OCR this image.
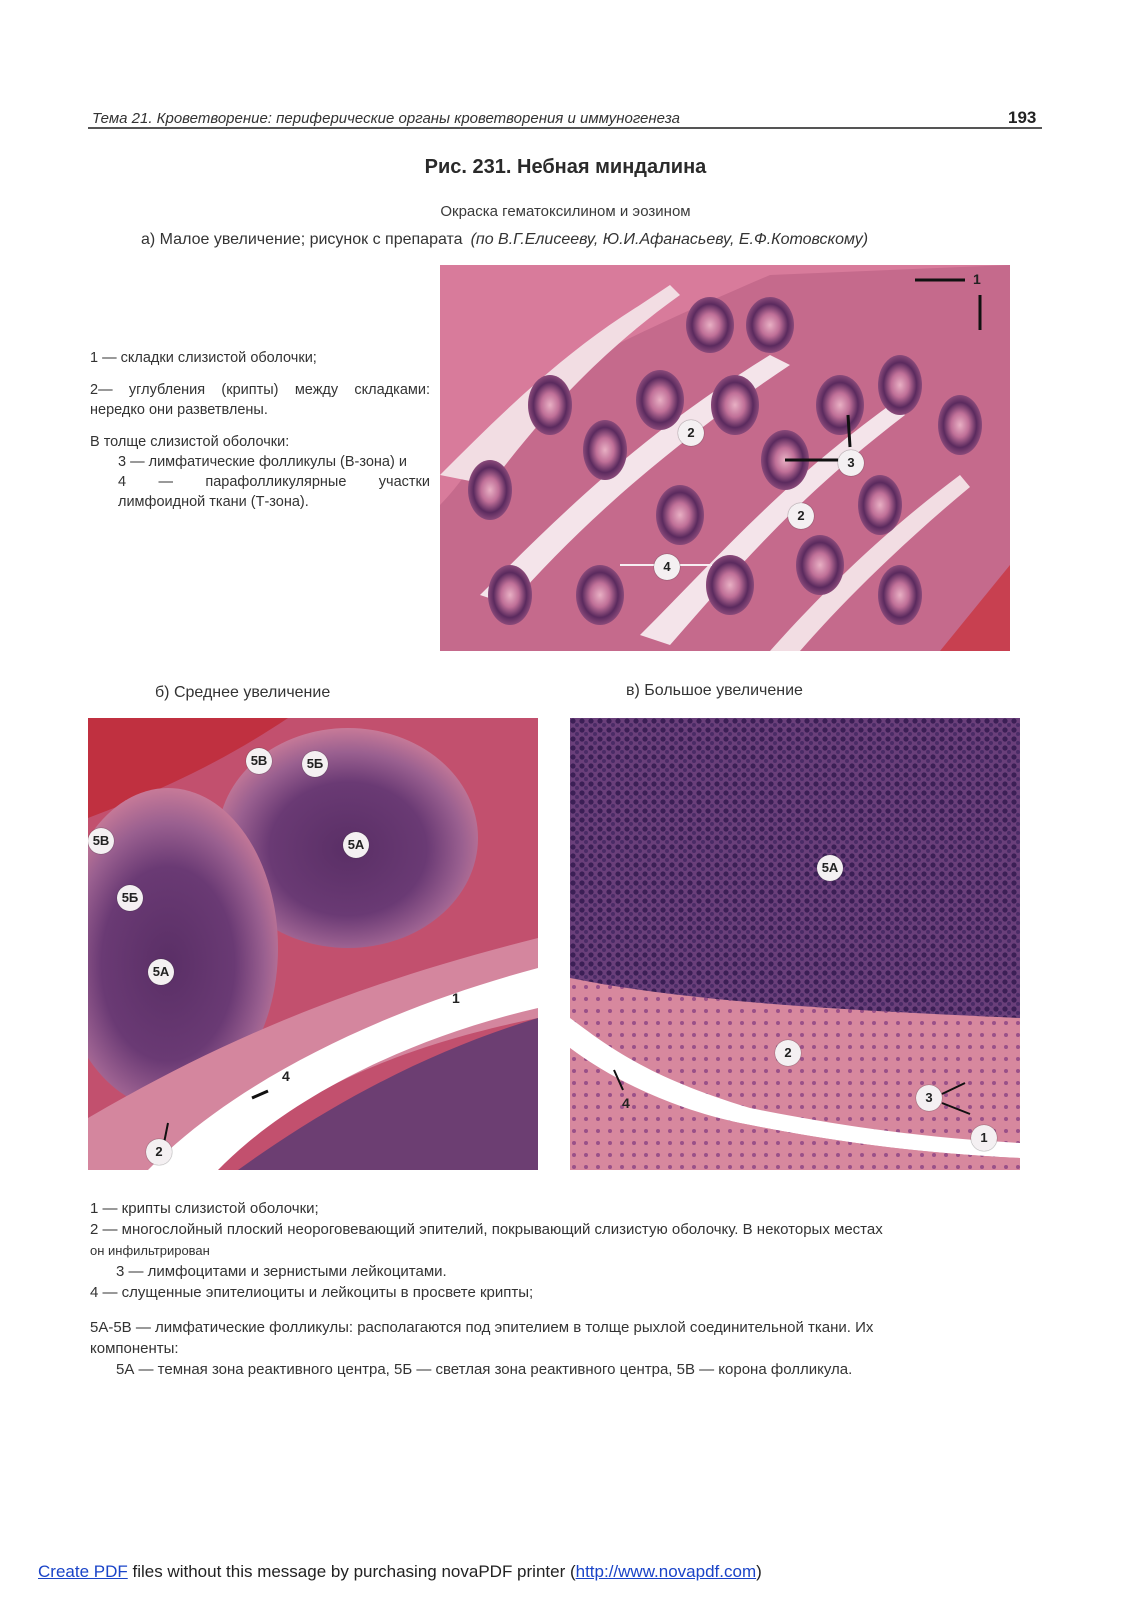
Тема 21. Кроветворение: периферические органы кроветворения и иммуногенеза	193
Рис. 231. Небная миндалина
Окраска гематоксилином и эозином
а) Малое увеличение; рисунок с препарата (по В.Г.Елисееву, Ю.И.Афанасьеву, Е.Ф.Котовскому)

1 — складки слизистой оболочки;

2— углубления (крипты) между складками: нередко они разветвлены.

В толще слизистой оболочки:

3 — лимфатические фолликулы (В-зона) и

4 — парафолликулярные участки лимфоидной ткани (Т-зона).

1
2
2
3
4
б) Среднее увеличение	в) Большое увеличение
5В	5Б
5В	5А
5Б
5А
1
4
2
5А
2
3
4
1

1 — крипты слизистой оболочки;

2 — многослойный плоский неороговевающий эпителий, покрывающий слизистую оболочку. В некоторых местах

он инфильтрирован

3 — лимфоцитами и зернистыми лейкоцитами.

4 — слущенные эпителиоциты и лейкоциты в просвете крипты;

5А-5В — лимфатические фолликулы: располагаются под эпителием в толще рыхлой соединительной ткани. Их

компоненты:

5А — темная зона реактивного центра, 5Б — светлая зона реактивного центра, 5В — корона фолликула.

Create PDF files without this message by purchasing novaPDF printer (http://www.novapdf.com)
